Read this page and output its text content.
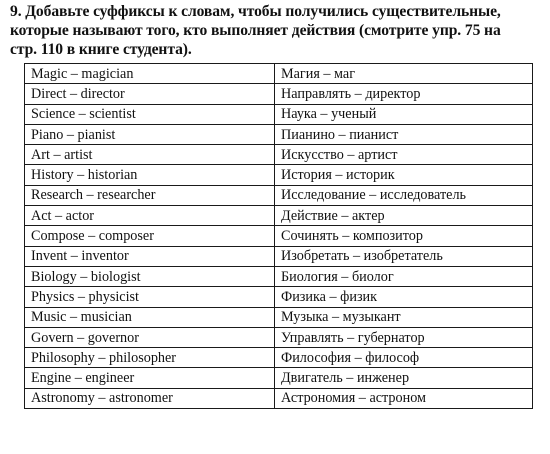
9. Добавьте суффиксы к словам, чтобы получились существительные,
которые называют того, кто выполняет действия (смотрите упр. 75 на
стр. 110 в книге студента).
Magic – magician	Магия – маг
Direct – director	Направлять – директор
Science – scientist	Наука – ученый
Piano – pianist	Пианино – пианист
Art – artist	Искусство – артист
History – historian	История – историк
Research – researcher	Исследование – исследователь
Act – actor	Действие – актер
Compose – composer	Сочинять – композитор
Invent – inventor	Изобретать – изобретатель
Biology – biologist	Биология – биолог
Physics – physicist	Физика – физик
Music – musician	Музыка – музыкант
Govern – governor	Управлять – губернатор
Philosophy – philosopher	Философия – философ
Engine – engineer	Двигатель – инженер
Astronomy – astronomer	Астрономия – астроном
